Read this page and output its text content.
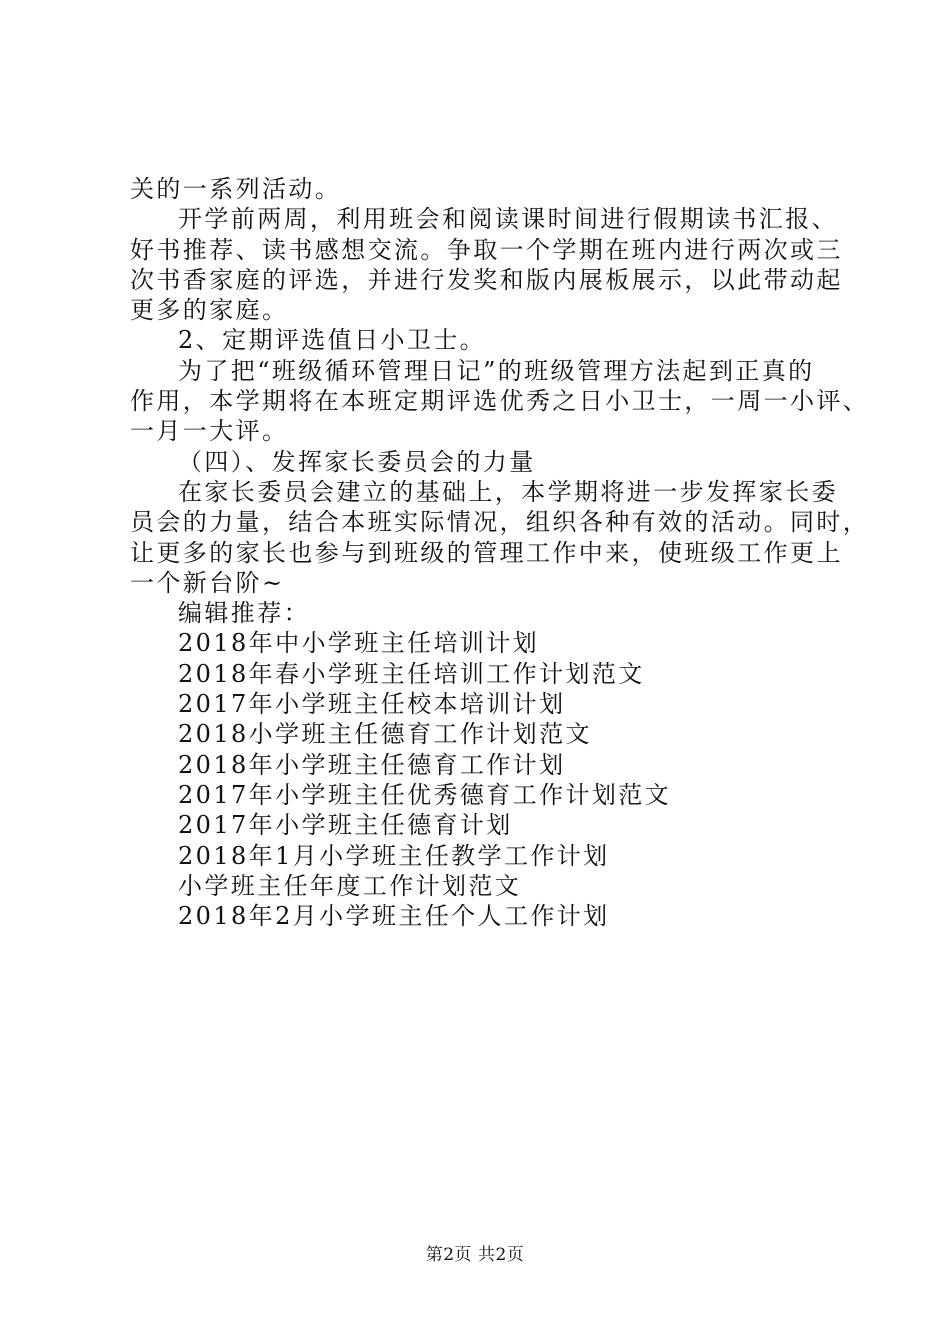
关的一系列活动。
开学前两周，利用班会和阅读课时间进行假期读书汇报、
好书推荐、读书感想交流。争取一个学期在班内进行两次或三
次书香家庭的评选，并进行发奖和版内展板展示，以此带动起
更多的家庭。
2、定期评选值日小卫士。
为了把“班级循环管理日记”的班级管理方法起到正真的
作用，本学期将在本班定期评选优秀之日小卫士，一周一小评、
一月一大评。
（四）、发挥家长委员会的力量
在家长委员会建立的基础上，本学期将进一步发挥家长委
员会的力量，结合本班实际情况，组织各种有效的活动。同时，
让更多的家长也参与到班级的管理工作中来，使班级工作更上
一个新台阶~
编辑推荐：
2018年中小学班主任培训计划
2018年春小学班主任培训工作计划范文
2017年小学班主任校本培训计划
2018小学班主任德育工作计划范文
2018年小学班主任德育工作计划
2017年小学班主任优秀德育工作计划范文
2017年小学班主任德育计划
2018年1月小学班主任教学工作计划
小学班主任年度工作计划范文
2018年2月小学班主任个人工作计划
第2页 共2页
